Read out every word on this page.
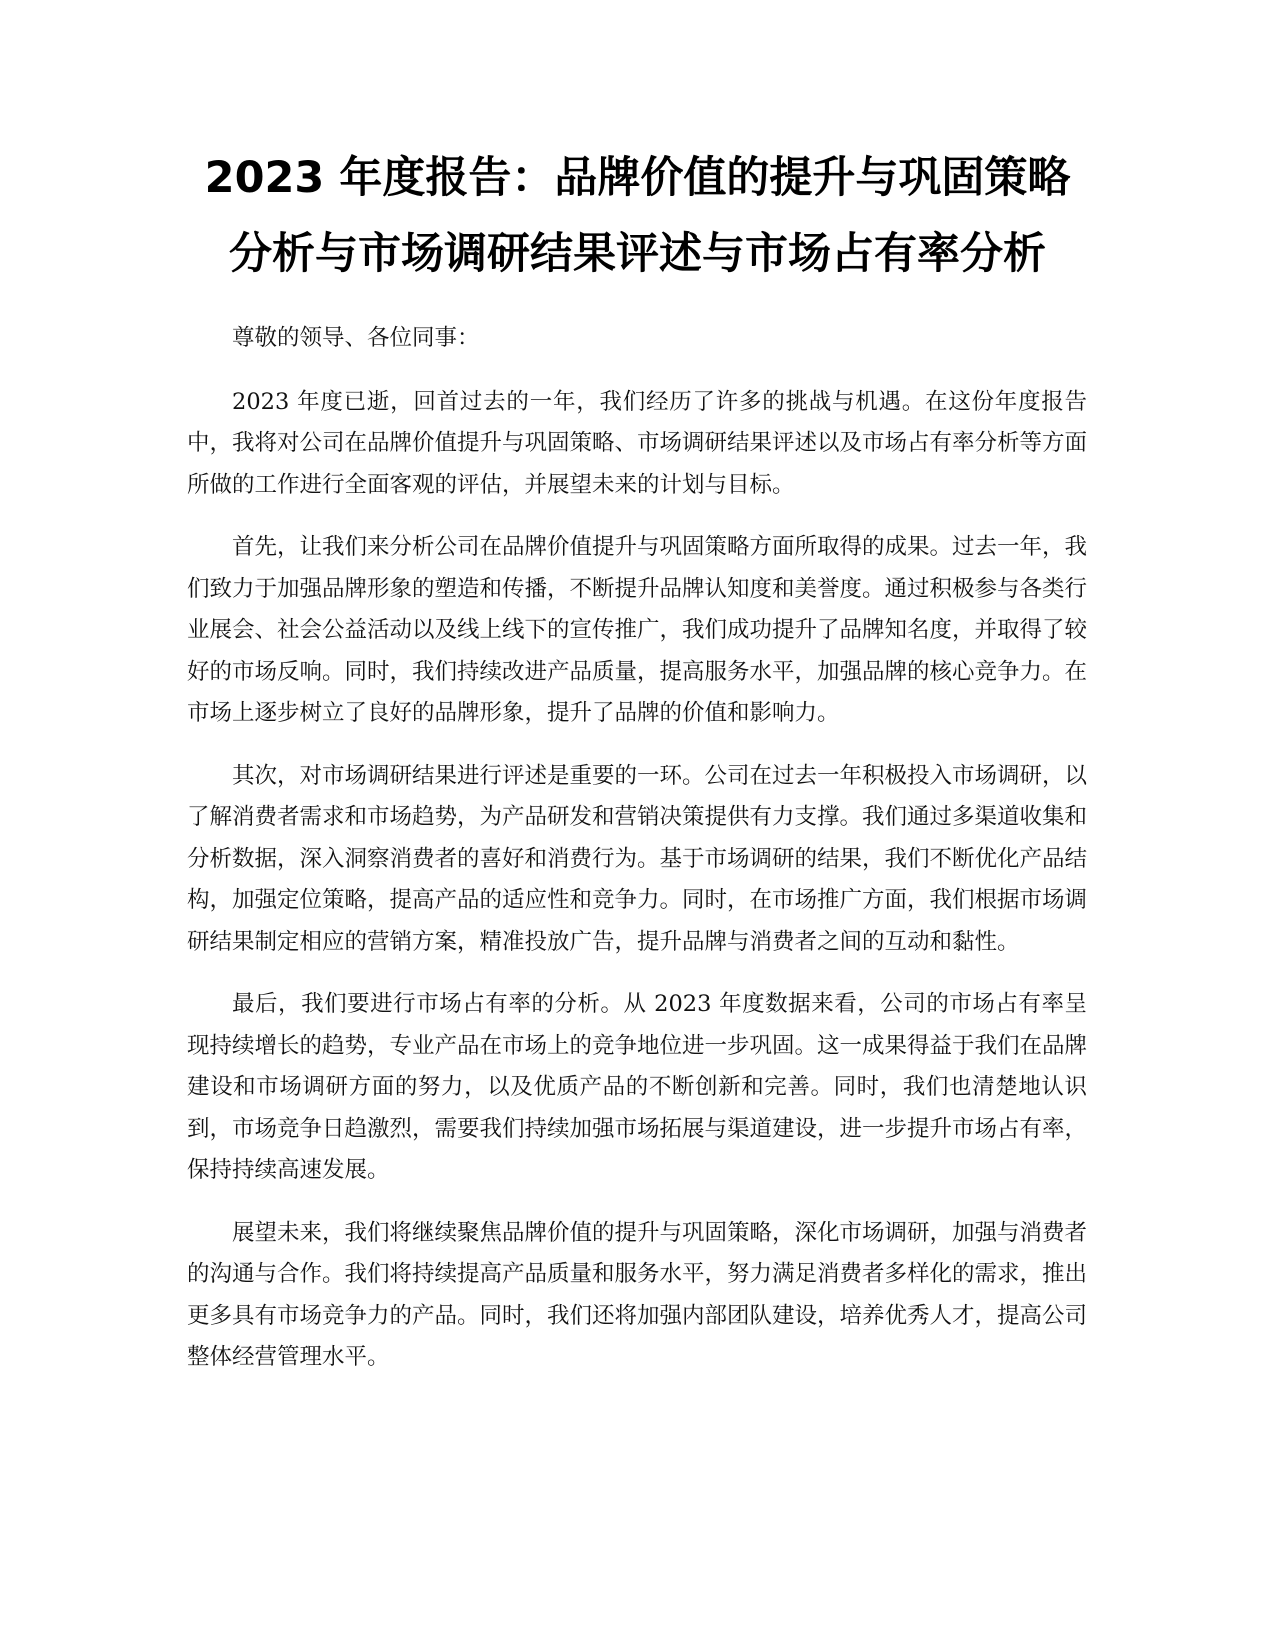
2023 年度报告：品牌价值的提升与巩固策略
分析与市场调研结果评述与市场占有率分析

尊敬的领导、各位同事：

2023 年度已逝，回首过去的一年，我们经历了许多的挑战与机遇。在这份年度报告中，我将对公司在品牌价值提升与巩固策略、市场调研结果评述以及市场占有率分析等方面所做的工作进行全面客观的评估，并展望未来的计划与目标。

首先，让我们来分析公司在品牌价值提升与巩固策略方面所取得的成果。过去一年，我们致力于加强品牌形象的塑造和传播，不断提升品牌认知度和美誉度。通过积极参与各类行业展会、社会公益活动以及线上线下的宣传推广，我们成功提升了品牌知名度，并取得了较好的市场反响。同时，我们持续改进产品质量，提高服务水平，加强品牌的核心竞争力。在市场上逐步树立了良好的品牌形象，提升了品牌的价值和影响力。

其次，对市场调研结果进行评述是重要的一环。公司在过去一年积极投入市场调研，以了解消费者需求和市场趋势，为产品研发和营销决策提供有力支撑。我们通过多渠道收集和分析数据，深入洞察消费者的喜好和消费行为。基于市场调研的结果，我们不断优化产品结构，加强定位策略，提高产品的适应性和竞争力。同时，在市场推广方面，我们根据市场调研结果制定相应的营销方案，精准投放广告，提升品牌与消费者之间的互动和黏性。

最后，我们要进行市场占有率的分析。从 2023 年度数据来看，公司的市场占有率呈现持续增长的趋势，专业产品在市场上的竞争地位进一步巩固。这一成果得益于我们在品牌建设和市场调研方面的努力，以及优质产品的不断创新和完善。同时，我们也清楚地认识到，市场竞争日趋激烈，需要我们持续加强市场拓展与渠道建设，进一步提升市场占有率，保持持续高速发展。

展望未来，我们将继续聚焦品牌价值的提升与巩固策略，深化市场调研，加强与消费者的沟通与合作。我们将持续提高产品质量和服务水平，努力满足消费者多样化的需求，推出更多具有市场竞争力的产品。同时，我们还将加强内部团队建设，培养优秀人才，提高公司整体经营管理水平。
